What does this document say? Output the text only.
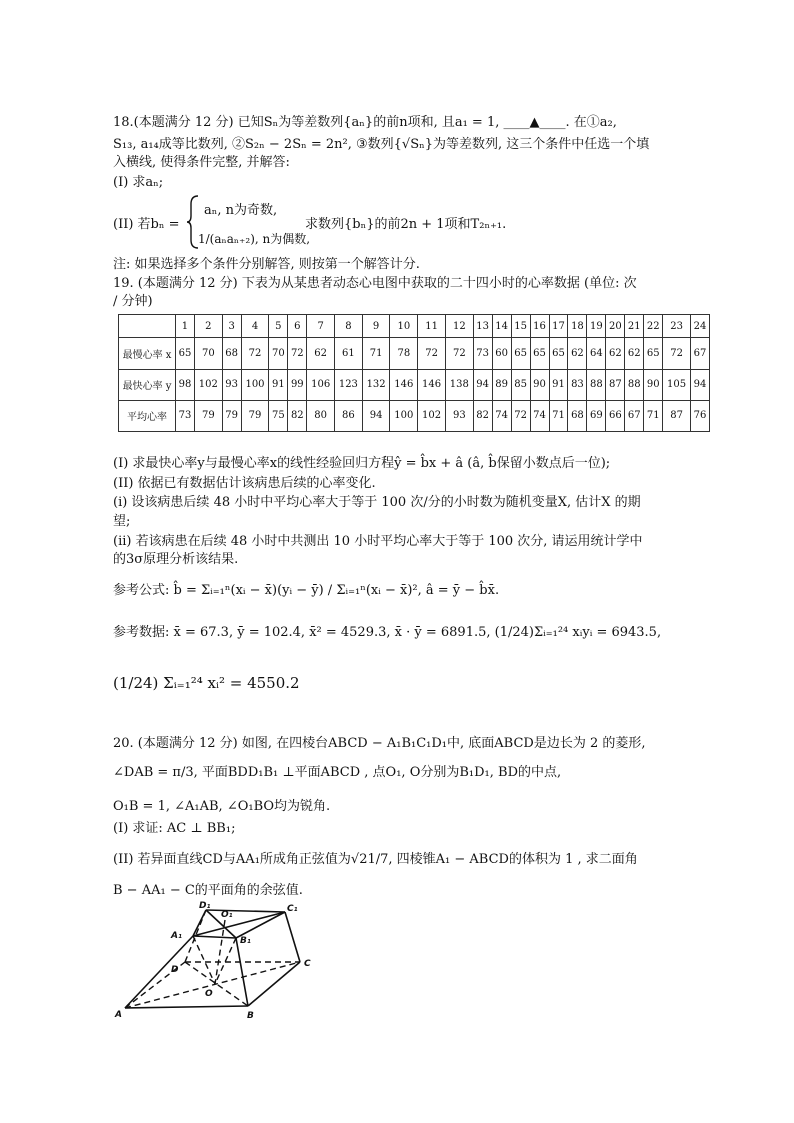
18.(本题满分 12 分) 已知Sₙ为等差数列{aₙ}的前n项和, 且a₁ = 1, ____▲____. 在①a₂,
S₁₃, a₁₄成等比数列, ②S₂ₙ − 2Sₙ = 2n², ③数列{√Sₙ}为等差数列, 这三个条件中任选一个填
入横线, 使得条件完整, 并解答:
(I) 求aₙ;
(II) 若bₙ =
aₙ, n为奇数,
1/(aₙaₙ₊₂), n为偶数,
求数列{bₙ}的前2n + 1项和T₂ₙ₊₁.
注: 如果选择多个条件分别解答, 则按第一个解答计分.
19. (本题满分 12 分) 下表为从某患者动态心电图中获取的二十四小时的心率数据 (单位: 次
/ 分钟)
	1	2	3	4	5	6	7	8	9	10	11	12	13	14	15	16	17	18	19	20	21	22	23	24
最慢心率 x	65	70	68	72	70	72	62	61	71	78	72	72	73	60	65	65	65	62	64	62	62	65	72	67
最快心率 y	98	102	93	100	91	99	106	123	132	146	146	138	94	89	85	90	91	83	88	87	88	90	105	94
平均心率	73	79	79	79	75	82	80	86	94	100	102	93	82	74	72	74	71	68	69	66	67	71	87	76
(I) 求最快心率y与最慢心率x的线性经验回归方程ŷ = b̂x + â (â, b̂保留小数点后一位);
(II) 依据已有数据估计该病患后续的心率变化.
(i) 设该病患后续 48 小时中平均心率大于等于 100 次/分的小时数为随机变量X, 估计X 的期
望;
(ii) 若该病患在后续 48 小时中共测出 10 小时平均心率大于等于 100 次分, 请运用统计学中
的3σ原理分析该结果.
参考公式: b̂ = Σᵢ₌₁ⁿ(xᵢ − x̄)(yᵢ − ȳ) / Σᵢ₌₁ⁿ(xᵢ − x̄)², â = ȳ − b̂x̄.
参考数据: x̄ = 67.3, ȳ = 102.4, x̄² = 4529.3, x̄ · ȳ = 6891.5, (1/24)Σᵢ₌₁²⁴ xᵢyᵢ = 6943.5,
(1/24) Σᵢ₌₁²⁴ xᵢ² = 4550.2
20. (本题满分 12 分) 如图, 在四棱台ABCD − A₁B₁C₁D₁中, 底面ABCD是边长为 2 的菱形,
∠DAB = π/3, 平面BDD₁B₁ ⊥平面ABCD , 点O₁, O分别为B₁D₁, BD的中点,
O₁B = 1, ∠A₁AB, ∠O₁BO均为锐角.
(I) 求证: AC ⊥ BB₁;
(II) 若异面直线CD与AA₁所成角正弦值为√21/7, 四棱锥A₁ − ABCD的体积为 1 , 求二面角
B − AA₁ − C的平面角的余弦值.
A	B
C
D
O
A₁	B₁
C₁
D₁
O₁
